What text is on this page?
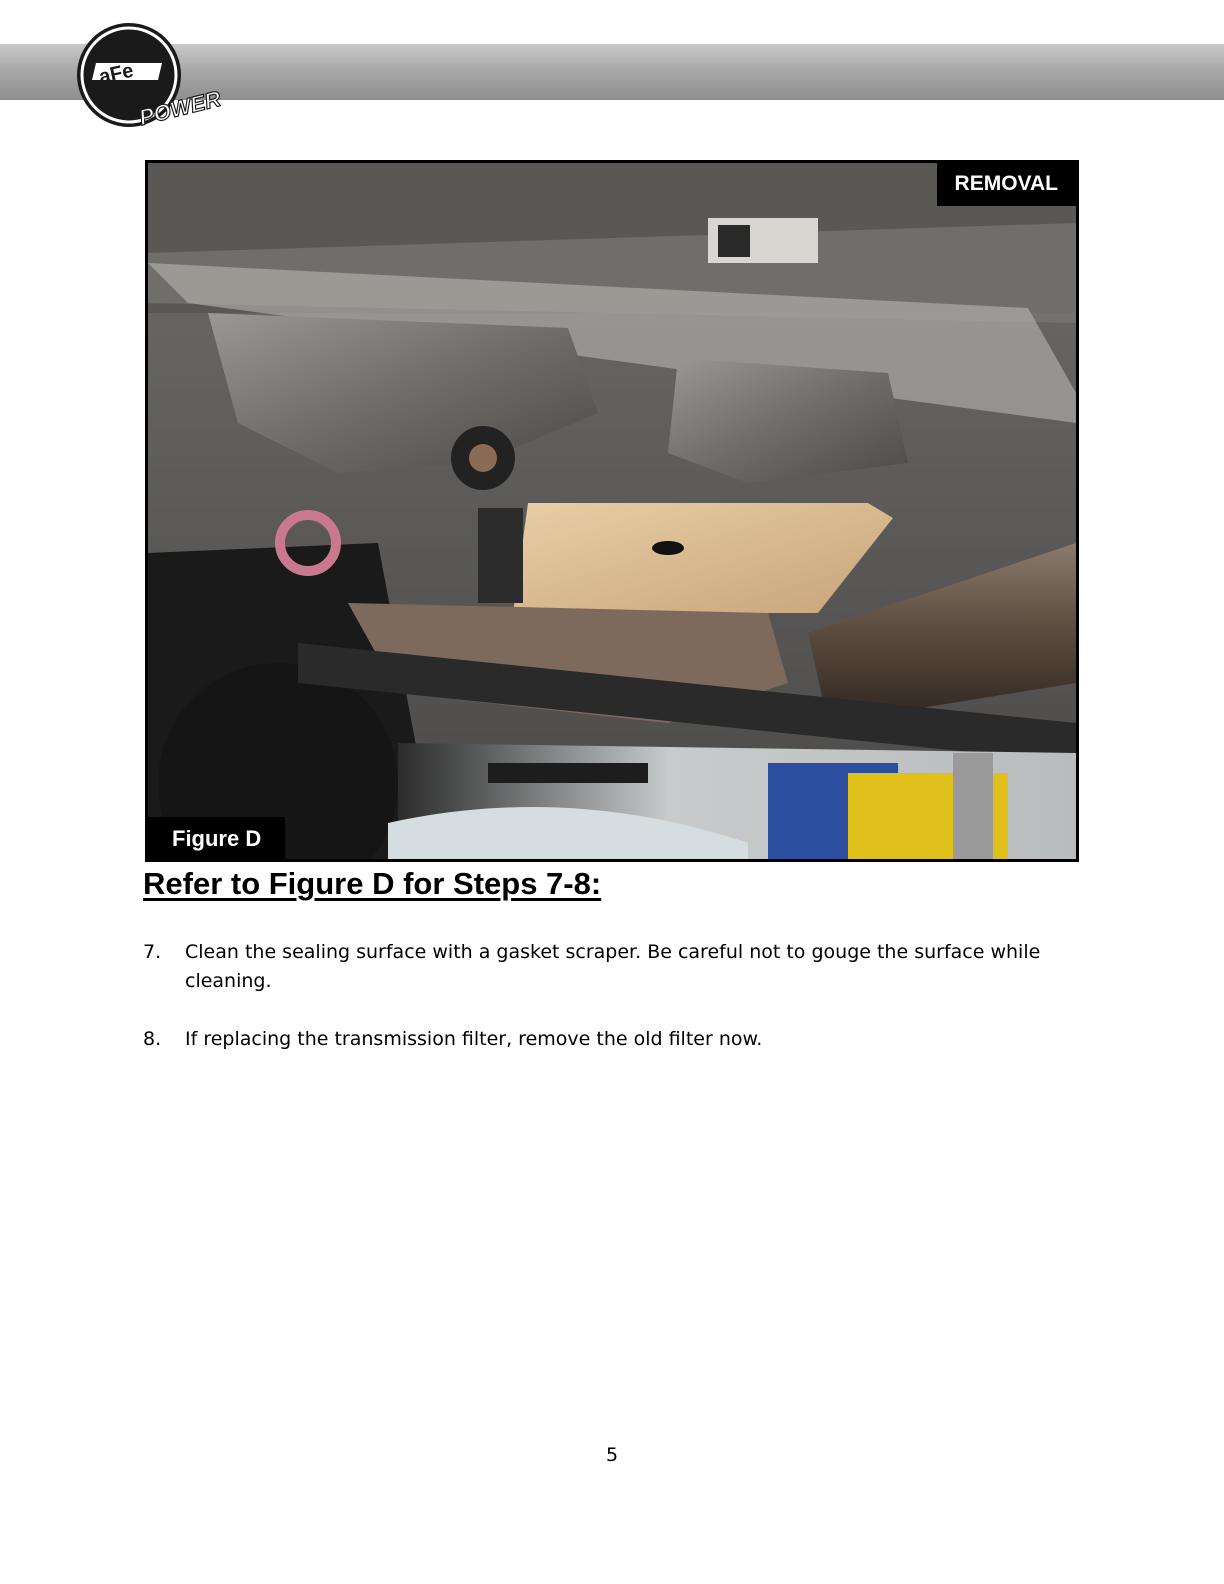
aFe
POWER
REMOVAL
Figure D
Refer to Figure D for Steps 7-8:
7.	Clean the sealing surface with a gasket scraper. Be careful not to gouge the surface while cleaning.
8.	If replacing the transmission filter, remove the old filter now.
5
